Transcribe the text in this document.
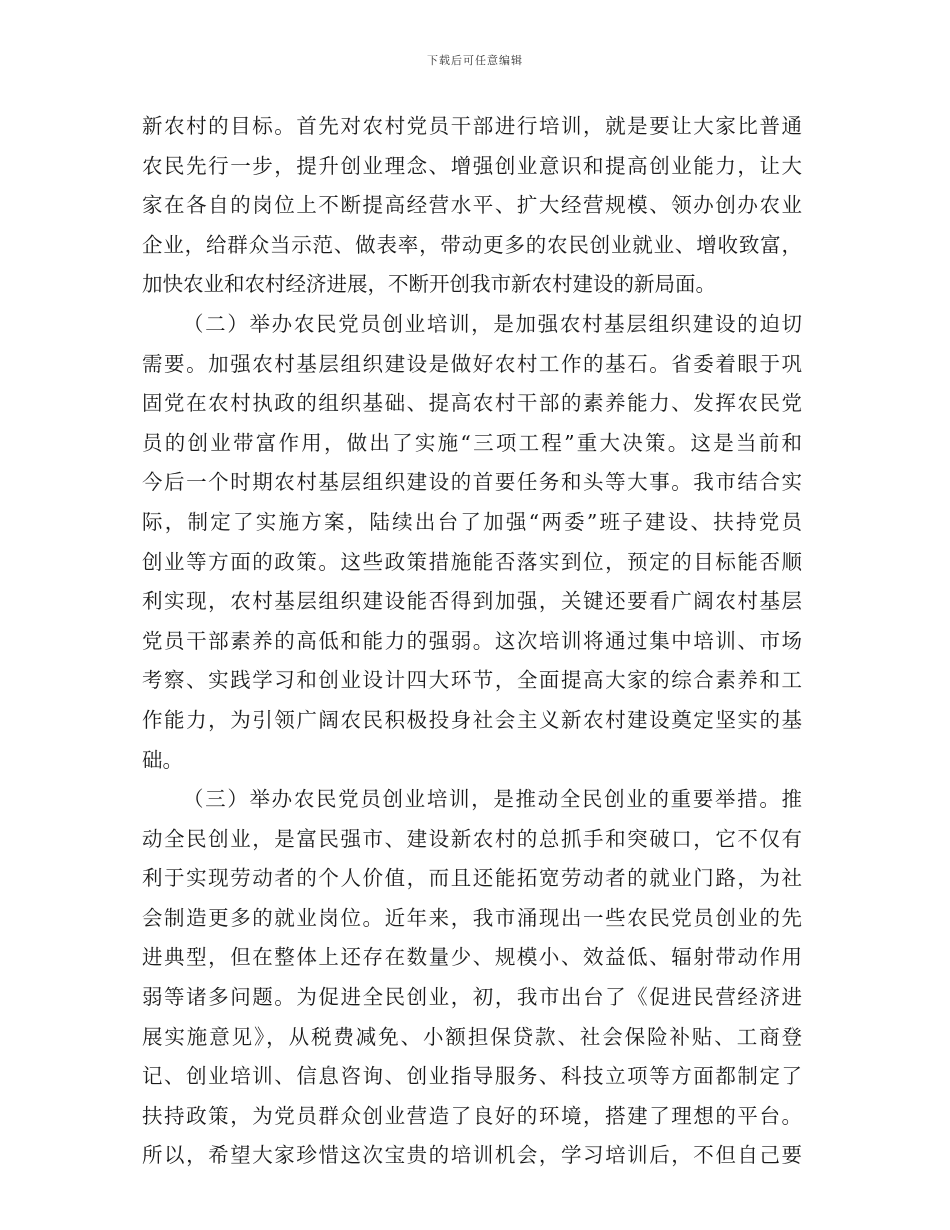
下载后可任意编辑
新农村的目标。首先对农村党员干部进行培训，就是要让大家比普通
农民先行一步，提升创业理念、增强创业意识和提高创业能力，让大
家在各自的岗位上不断提高经营水平、扩大经营规模、领办创办农业
企业，给群众当示范、做表率，带动更多的农民创业就业、增收致富，
加快农业和农村经济进展，不断开创我市新农村建设的新局面。
（二）举办农民党员创业培训，是加强农村基层组织建设的迫切
需要。加强农村基层组织建设是做好农村工作的基石。省委着眼于巩
固党在农村执政的组织基础、提高农村干部的素养能力、发挥农民党
员的创业带富作用，做出了实施“三项工程”重大决策。这是当前和
今后一个时期农村基层组织建设的首要任务和头等大事。我市结合实
际，制定了实施方案，陆续出台了加强“两委”班子建设、扶持党员
创业等方面的政策。这些政策措施能否落实到位，预定的目标能否顺
利实现，农村基层组织建设能否得到加强，关键还要看广阔农村基层
党员干部素养的高低和能力的强弱。这次培训将通过集中培训、市场
考察、实践学习和创业设计四大环节，全面提高大家的综合素养和工
作能力，为引领广阔农民积极投身社会主义新农村建设奠定坚实的基
础。
（三）举办农民党员创业培训，是推动全民创业的重要举措。推
动全民创业，是富民强市、建设新农村的总抓手和突破口，它不仅有
利于实现劳动者的个人价值，而且还能拓宽劳动者的就业门路，为社
会制造更多的就业岗位。近年来，我市涌现出一些农民党员创业的先
进典型，但在整体上还存在数量少、规模小、效益低、辐射带动作用
弱等诸多问题。为促进全民创业，初，我市出台了《促进民营经济进
展实施意见》，从税费减免、小额担保贷款、社会保险补贴、工商登
记、创业培训、信息咨询、创业指导服务、科技立项等方面都制定了
扶持政策，为党员群众创业营造了良好的环境，搭建了理想的平台。
所以，希望大家珍惜这次宝贵的培训机会，学习培训后，不但自己要
